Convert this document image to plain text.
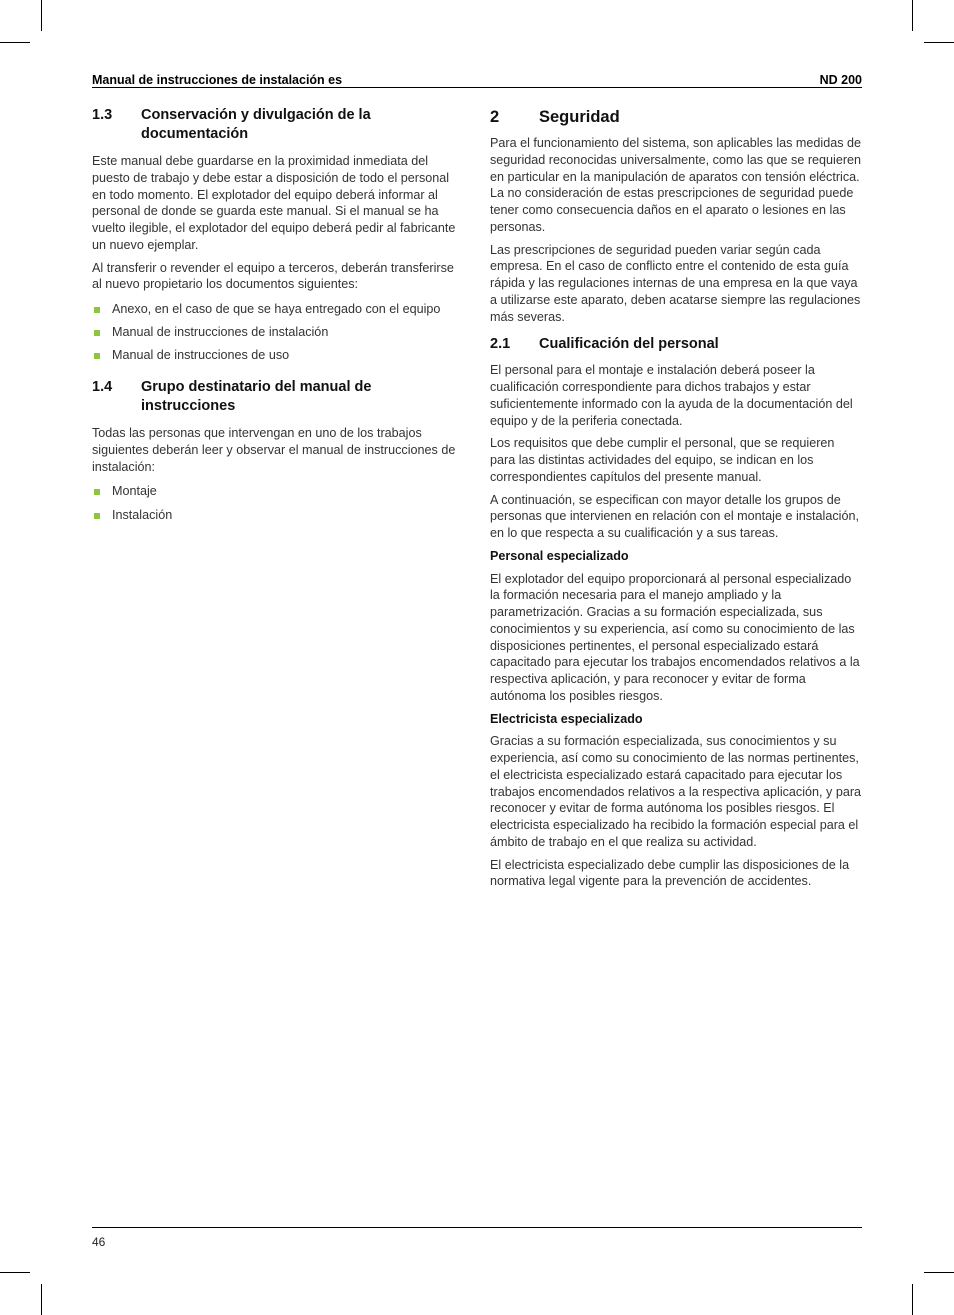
Manual de instrucciones de instalación es	ND 200
1.3	Conservación y divulgación de la documentación

Este manual debe guardarse en la proximidad inmediata del puesto de trabajo y debe estar a disposición de todo el personal en todo momento. El explotador del equipo deberá informar al personal de donde se guarda este manual. Si el manual se ha vuelto ilegible, el explotador del equipo deberá pedir al fabricante un nuevo ejemplar.

Al transferir o revender el equipo a terceros, deberán transferirse al nuevo propietario los documentos siguientes:

Anexo, en el caso de que se haya entregado con el equipo
Manual de instrucciones de instalación
Manual de instrucciones de uso
1.4	Grupo destinatario del manual de instrucciones

Todas las personas que intervengan en uno de los trabajos siguientes deberán leer y observar el manual de instrucciones de instalación:

Montaje
Instalación
2	Seguridad

Para el funcionamiento del sistema, son aplicables las medidas de seguridad reconocidas universalmente, como las que se requieren en particular en la manipulación de aparatos con tensión eléctrica. La no consideración de estas prescripciones de seguridad puede tener como consecuencia daños en el aparato o lesiones en las personas.

Las prescripciones de seguridad pueden variar según cada empresa. En el caso de conflicto entre el contenido de esta guía rápida y las regulaciones internas de una empresa en la que vaya a utilizarse este aparato, deben acatarse siempre las regulaciones más severas.

2.1	Cualificación del personal

El personal para el montaje e instalación deberá poseer la cualificación correspondiente para dichos trabajos y estar suficientemente informado con la ayuda de la documentación del equipo y de la periferia conectada.

Los requisitos que debe cumplir el personal, que se requieren para las distintas actividades del equipo, se indican en los correspondientes capítulos del presente manual.

A continuación, se especifican con mayor detalle los grupos de personas que intervienen en relación con el montaje e instalación, en lo que respecta a su cualificación y a sus tareas.

Personal especializado

El explotador del equipo proporcionará al personal especializado la formación necesaria para el manejo ampliado y la parametrización. Gracias a su formación especializada, sus conocimientos y su experiencia, así como su conocimiento de las disposiciones pertinentes, el personal especializado estará capacitado para ejecutar los trabajos encomendados relativos a la respectiva aplicación, y para reconocer y evitar de forma autónoma los posibles riesgos.

Electricista especializado

Gracias a su formación especializada, sus conocimientos y su experiencia, así como su conocimiento de las normas pertinentes, el electricista especializado estará capacitado para ejecutar los trabajos encomendados relativos a la respectiva aplicación, y para reconocer y evitar de forma autónoma los posibles riesgos. El electricista especializado ha recibido la formación especial para el ámbito de trabajo en el que realiza su actividad.

El electricista especializado debe cumplir las disposiciones de la normativa legal vigente para la prevención de accidentes.

46
